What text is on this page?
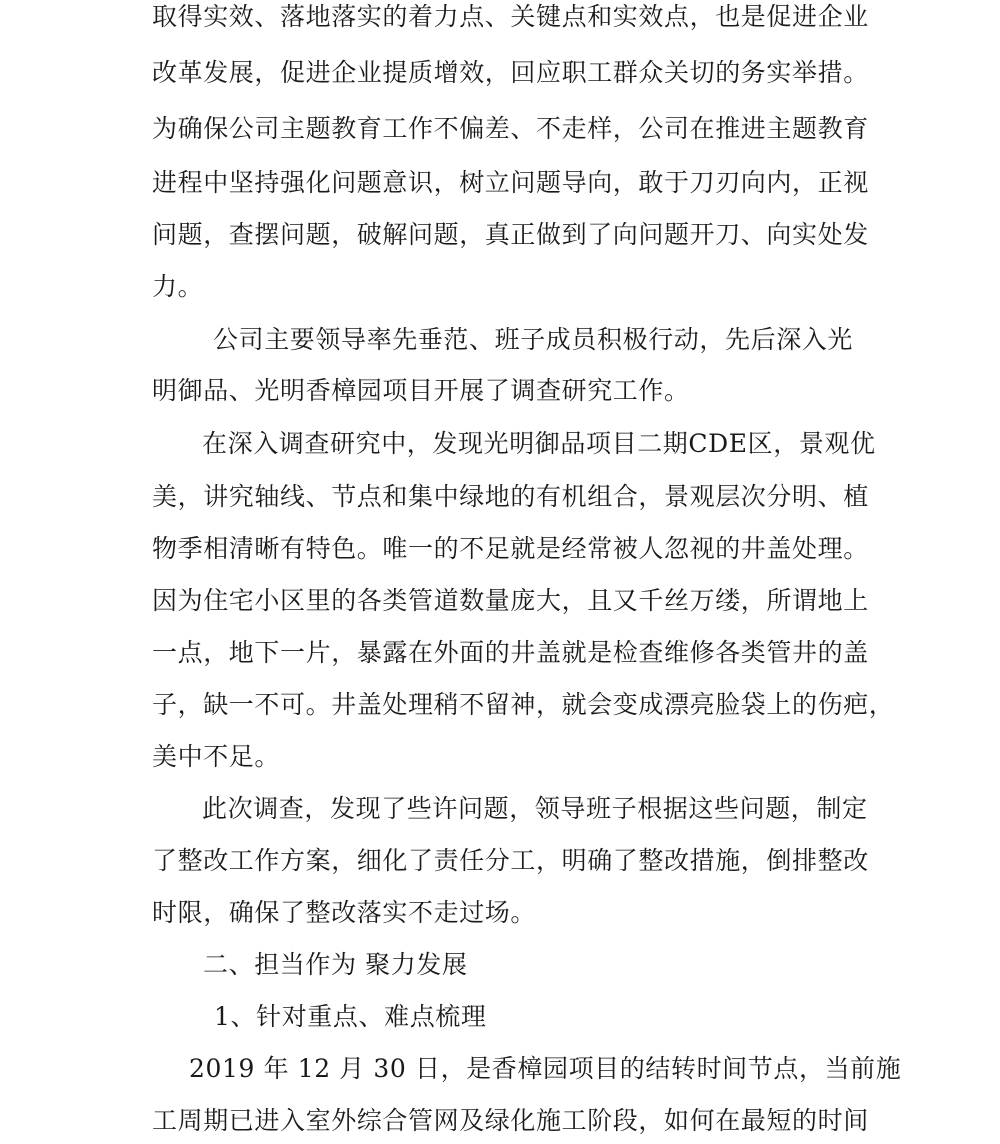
取得实效、落地落实的着力点、关键点和实效点，也是促进企业
改革发展，促进企业提质增效，回应职工群众关切的务实举措。
为确保公司主题教育工作不偏差、不走样，公司在推进主题教育
进程中坚持强化问题意识，树立问题导向，敢于刀刃向内，正视
问题，查摆问题，破解问题，真正做到了向问题开刀、向实处发
力。
公司主要领导率先垂范、班子成员积极行动，先后深入光
明御品、光明香樟园项目开展了调查研究工作。
在深入调查研究中，发现光明御品项目二期CDE区，景观优
美，讲究轴线、节点和集中绿地的有机组合，景观层次分明、植
物季相清晰有特色。唯一的不足就是经常被人忽视的井盖处理。
因为住宅小区里的各类管道数量庞大，且又千丝万缕，所谓地上
一点，地下一片，暴露在外面的井盖就是检查维修各类管井的盖
子，缺一不可。井盖处理稍不留神，就会变成漂亮脸袋上的伤疤，
美中不足。
此次调查，发现了些许问题，领导班子根据这些问题，制定
了整改工作方案，细化了责任分工，明确了整改措施，倒排整改
时限，确保了整改落实不走过场。
二、担当作为 聚力发展
1、针对重点、难点梳理
2019 年 12 月 30 日，是香樟园项目的结转时间节点，当前施
工周期已进入室外综合管网及绿化施工阶段，如何在最短的时间
